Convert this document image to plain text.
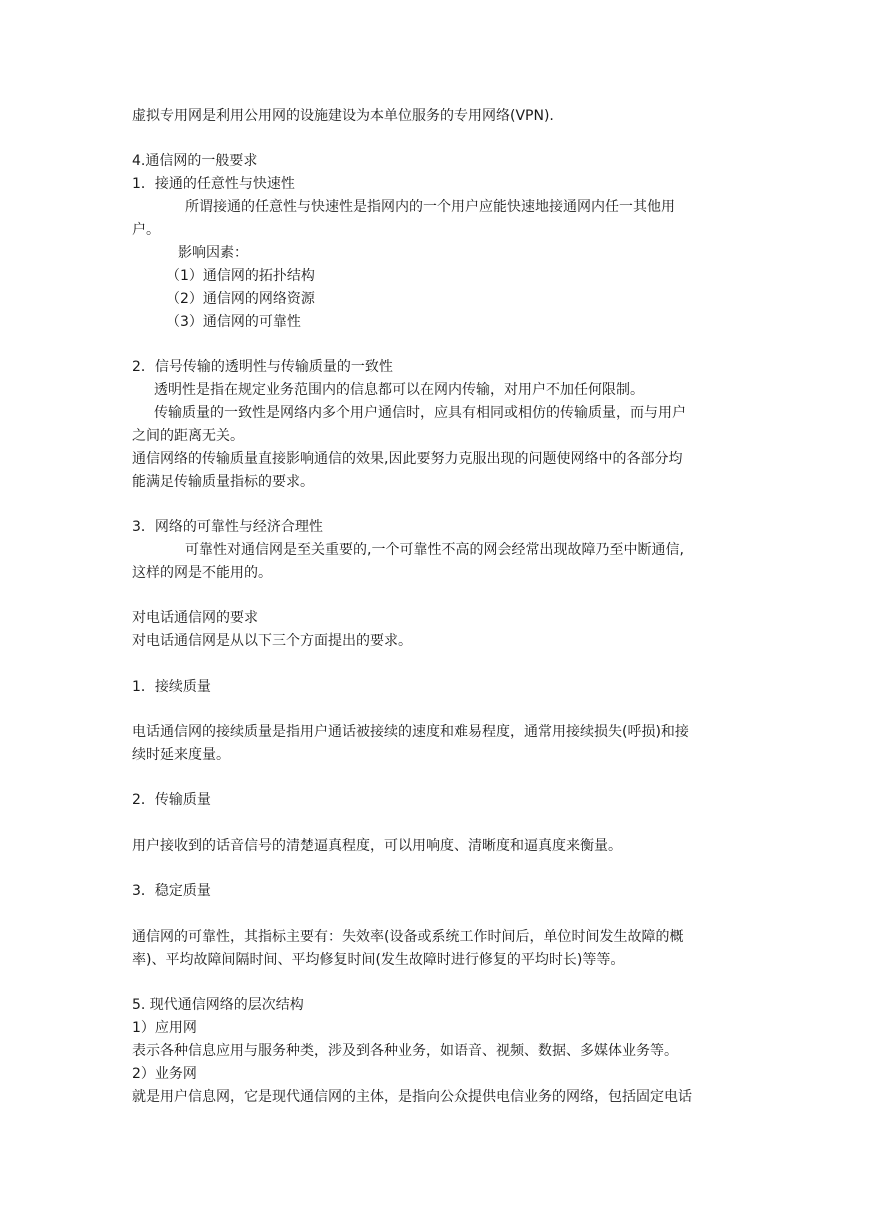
虚拟专用网是利用公用网的设施建设为本单位服务的专用网络(VPN).
4.通信网的一般要求
1．接通的任意性与快速性
所谓接通的任意性与快速性是指网内的一个用户应能快速地接通网内任一其他用
户。
影响因素：
（1）通信网的拓扑结构
（2）通信网的网络资源
（3）通信网的可靠性
2．信号传输的透明性与传输质量的一致性
透明性是指在规定业务范围内的信息都可以在网内传输，对用户不加任何限制。
传输质量的一致性是网络内多个用户通信时，应具有相同或相仿的传输质量，而与用户
之间的距离无关。
通信网络的传输质量直接影响通信的效果,因此要努力克服出现的问题使网络中的各部分均
能满足传输质量指标的要求。
3．网络的可靠性与经济合理性
可靠性对通信网是至关重要的,一个可靠性不高的网会经常出现故障乃至中断通信,
这样的网是不能用的。
对电话通信网的要求
对电话通信网是从以下三个方面提出的要求。
1．接续质量
电话通信网的接续质量是指用户通话被接续的速度和难易程度，通常用接续损失(呼损)和接
续时延来度量。
2．传输质量
用户接收到的话音信号的清楚逼真程度，可以用响度、清晰度和逼真度来衡量。
3．稳定质量
通信网的可靠性，其指标主要有：失效率(设备或系统工作时间后，单位时间发生故障的概
率)、平均故障间隔时间、平均修复时间(发生故障时进行修复的平均时长)等等。
5. 现代通信网络的层次结构
1）应用网
表示各种信息应用与服务种类，涉及到各种业务，如语音、视频、数据、多媒体业务等。
2）业务网
就是用户信息网，它是现代通信网的主体，是指向公众提供电信业务的网络，包括固定电话
